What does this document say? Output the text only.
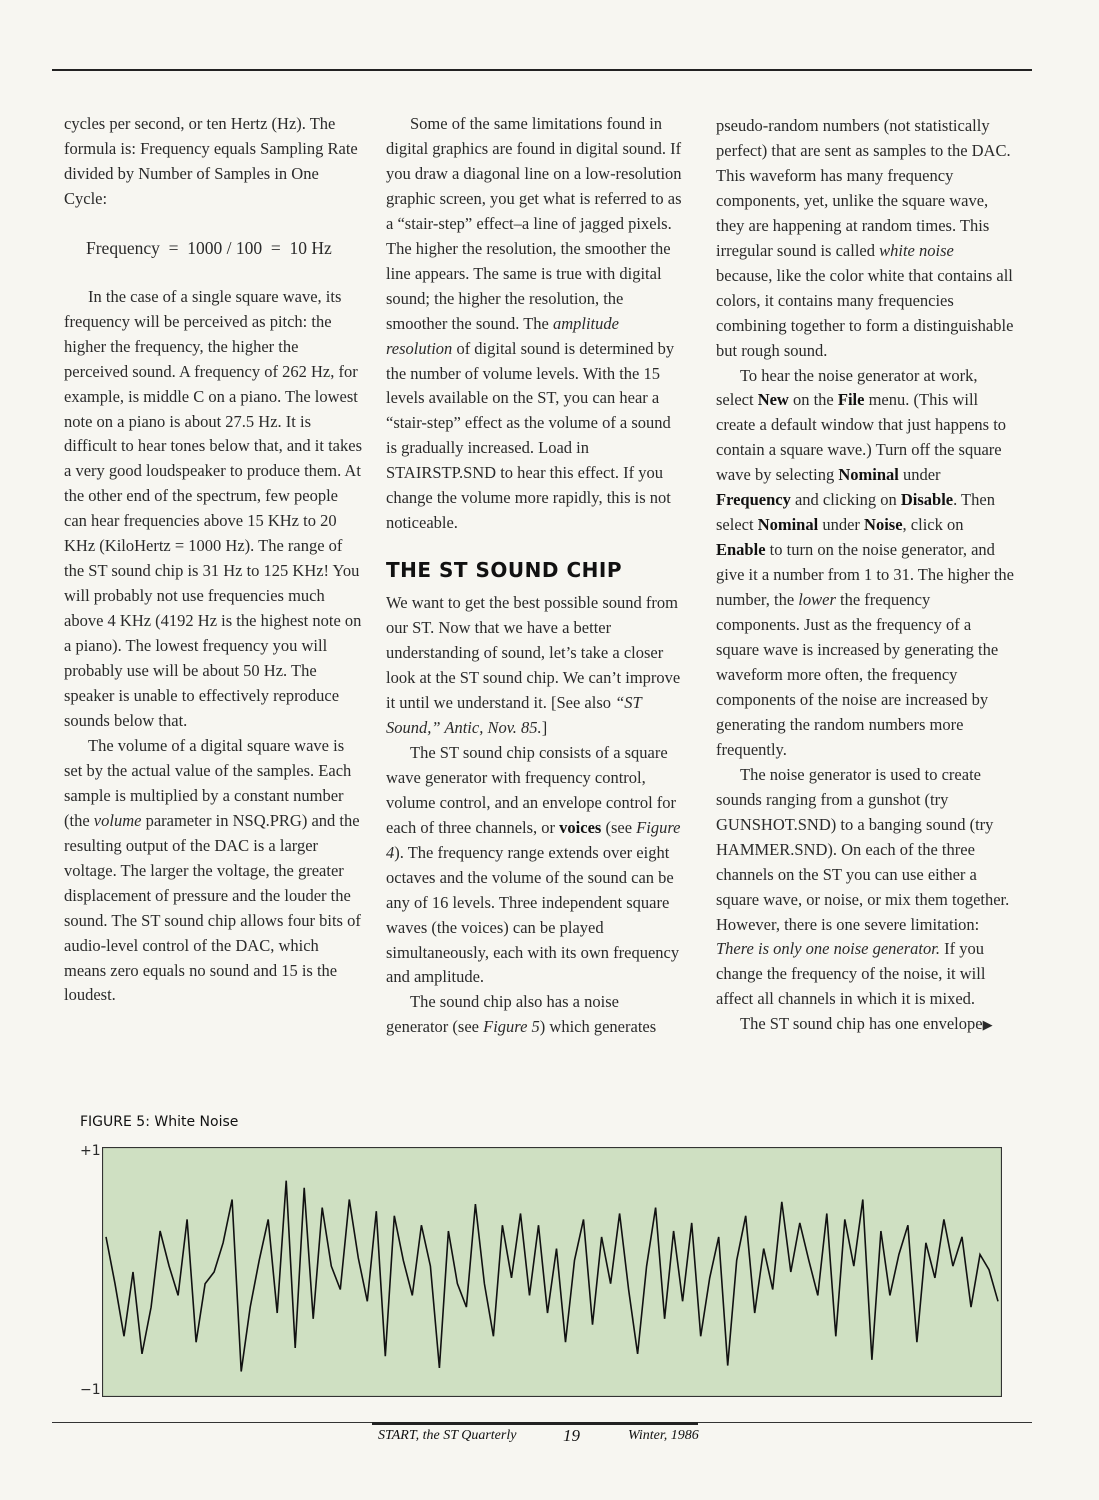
cycles per second, or ten Hertz (Hz). The formula is: Frequency equals Sampling Rate divided by Number of Samples in One Cycle:

Frequency  =  1000 / 100  =  10 Hz

In the case of a single square wave, its frequency will be perceived as pitch: the higher the frequency, the higher the perceived sound. A frequency of 262 Hz, for example, is middle C on a piano. The lowest note on a piano is about 27.5 Hz. It is difficult to hear tones below that, and it takes a very good loudspeaker to produce them. At the other end of the spectrum, few people can hear frequencies above 15 KHz to 20 KHz (KiloHertz = 1000 Hz). The range of the ST sound chip is 31 Hz to 125 KHz! You will probably not use frequencies much above 4 KHz (4192 Hz is the highest note on a piano). The lowest frequency you will probably use will be about 50 Hz. The speaker is unable to effectively reproduce sounds below that.

The volume of a digital square wave is set by the actual value of the samples. Each sample is multiplied by a constant number (the volume parameter in NSQ.PRG) and the resulting output of the DAC is a larger voltage. The larger the voltage, the greater displacement of pressure and the louder the sound. The ST sound chip allows four bits of audio-level control of the DAC, which means zero equals no sound and 15 is the loudest.

Some of the same limitations found in digital graphics are found in digital sound. If you draw a diagonal line on a low-resolution graphic screen, you get what is referred to as a “stair-step” effect–a line of jagged pixels. The higher the resolution, the smoother the line appears. The same is true with digital sound; the higher the resolution, the smoother the sound. The amplitude resolution of digital sound is determined by the number of volume levels. With the 15 levels available on the ST, you can hear a “stair-step” effect as the volume of a sound is gradually increased. Load in STAIRSTP.SND to hear this effect. If you change the volume more rapidly, this is not noticeable.

THE ST SOUND CHIP

We want to get the best possible sound from our ST. Now that we have a better understanding of sound, let’s take a closer look at the ST sound chip. We can’t improve it until we understand it. [See also “ST Sound,” Antic, Nov. 85.]

The ST sound chip consists of a square wave generator with frequency control, volume control, and an envelope control for each of three channels, or voices (see Figure 4). The frequency range extends over eight octaves and the volume of the sound can be any of 16 levels. Three independent square waves (the voices) can be played simultaneously, each with its own frequency and amplitude.

The sound chip also has a noise generator (see Figure 5) which generates

pseudo-random numbers (not statistically perfect) that are sent as samples to the DAC. This waveform has many frequency components, yet, unlike the square wave, they are happening at random times. This irregular sound is called white noise because, like the color white that contains all colors, it contains many frequencies combining together to form a distinguishable but rough sound.

To hear the noise generator at work, select New on the File menu. (This will create a default window that just happens to contain a square wave.) Turn off the square wave by selecting Nominal under Frequency and clicking on Disable. Then select Nominal under Noise, click on Enable to turn on the noise generator, and give it a number from 1 to 31. The higher the number, the lower the frequency components. Just as the frequency of a square wave is increased by generating the waveform more often, the frequency components of the noise are increased by generating the random numbers more frequently.

The noise generator is used to create sounds ranging from a gunshot (try GUNSHOT.SND) to a banging sound (try HAMMER.SND). On each of the three channels on the ST you can use either a square wave, or noise, or mix them together. However, there is one severe limitation: There is only one noise generator. If you change the frequency of the noise, it will affect all channels in which it is mixed.

The ST sound chip has one envelope▶

FIGURE 5: White Noise
+1
−1
START, the ST Quarterly	19	Winter, 1986
